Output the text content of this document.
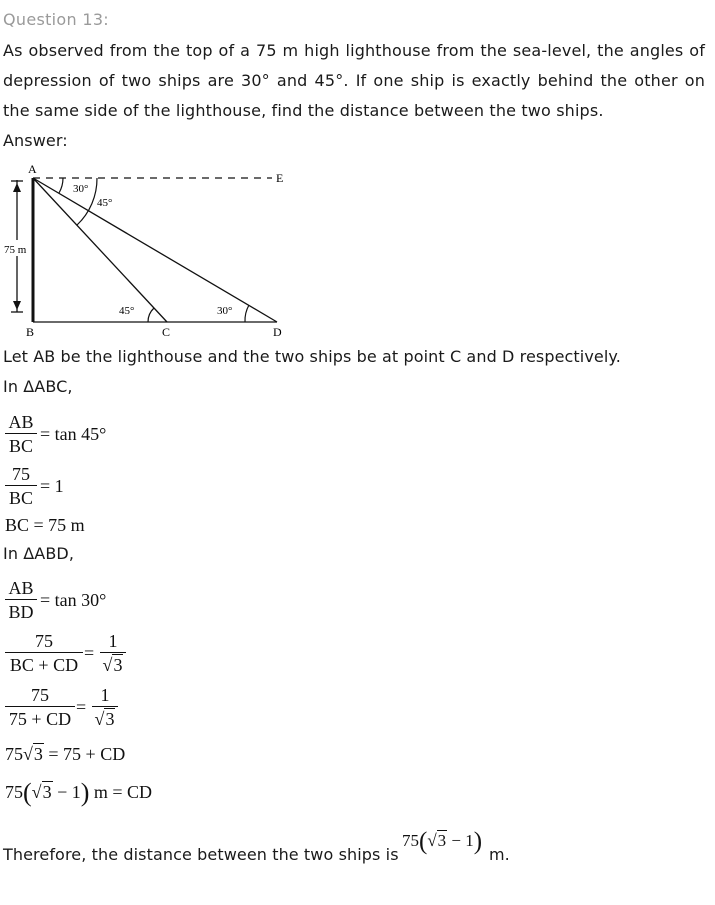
Question 13:

As observed from the top of a 75 m high lighthouse from the sea-level, the angles of

depression of two ships are 30° and 45°. If one ship is exactly behind the other on

the same side of the lighthouse, find the distance between the two ships.

Answer:
A
E
B	C	D
75 m
30°
45°
45°	30°
Let AB be the lighthouse and the two ships be at point C and D respectively.
In ΔABC,
AB
BC
= tan 45°
75
BC
= 1
BC = 75 m
In ΔABD,
AB
BD
= tan 30°
75
BC + CD
=
1
√3
75
75 + CD
=
1
√3
75√3 = 75 + CD
75(√3 − 1) m = CD
Therefore, the distance between the two ships is
75(√3 − 1) m.
